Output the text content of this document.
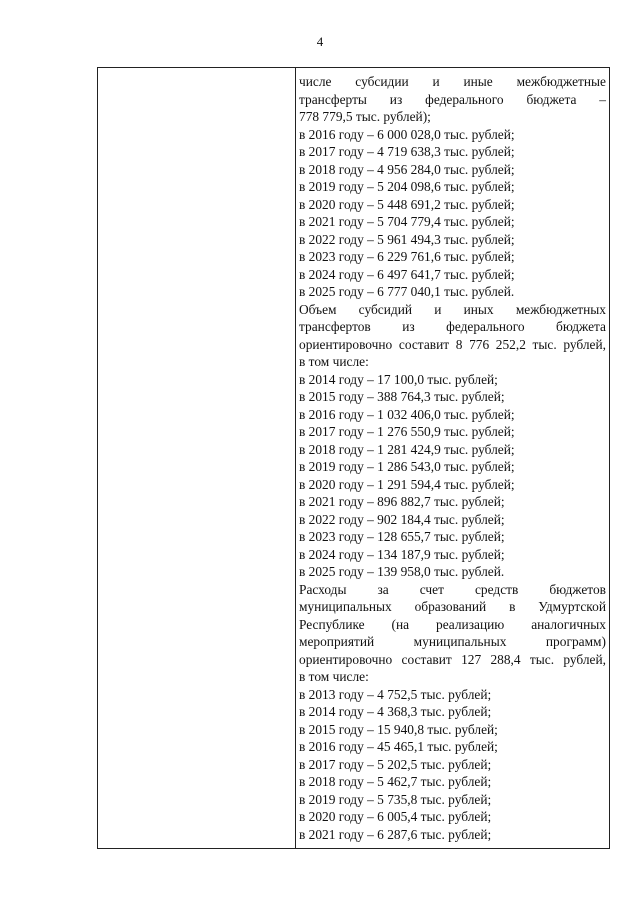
4
числе субсидии и иные межбюджетные
трансферты из федерального бюджета –
778 779,5 тыс. рублей);
в 2016 году – 6 000 028,0 тыс. рублей;
в 2017 году – 4 719 638,3 тыс. рублей;
в 2018 году – 4 956 284,0 тыс. рублей;
в 2019 году – 5 204 098,6 тыс. рублей;
в 2020 году – 5 448 691,2 тыс. рублей;
в 2021 году – 5 704 779,4 тыс. рублей;
в 2022 году – 5 961 494,3 тыс. рублей;
в 2023 году – 6 229 761,6 тыс. рублей;
в 2024 году – 6 497 641,7 тыс. рублей;
в 2025 году – 6 777 040,1 тыс. рублей.
Объем субсидий и иных межбюджетных
трансфертов из федерального бюджета
ориентировочно составит 8 776 252,2 тыс. рублей,
в том числе:
в 2014 году – 17 100,0 тыс. рублей;
в 2015 году – 388 764,3 тыс. рублей;
в 2016 году – 1 032 406,0 тыс. рублей;
в 2017 году – 1 276 550,9 тыс. рублей;
в 2018 году – 1 281 424,9 тыс. рублей;
в 2019 году – 1 286 543,0 тыс. рублей;
в 2020 году – 1 291 594,4 тыс. рублей;
в 2021 году – 896 882,7 тыс. рублей;
в 2022 году – 902 184,4 тыс. рублей;
в 2023 году – 128 655,7 тыс. рублей;
в 2024 году – 134 187,9 тыс. рублей;
в 2025 году – 139 958,0 тыс. рублей.
Расходы за счет средств бюджетов
муниципальных образований в Удмуртской
Республике (на реализацию аналогичных
мероприятий муниципальных программ)
ориентировочно составит 127 288,4 тыс. рублей,
в том числе:
в 2013 году – 4 752,5 тыс. рублей;
в 2014 году – 4 368,3 тыс. рублей;
в 2015 году – 15 940,8 тыс. рублей;
в 2016 году – 45 465,1 тыс. рублей;
в 2017 году – 5 202,5 тыс. рублей;
в 2018 году – 5 462,7 тыс. рублей;
в 2019 году – 5 735,8 тыс. рублей;
в 2020 году – 6 005,4 тыс. рублей;
в 2021 году – 6 287,6 тыс. рублей;
